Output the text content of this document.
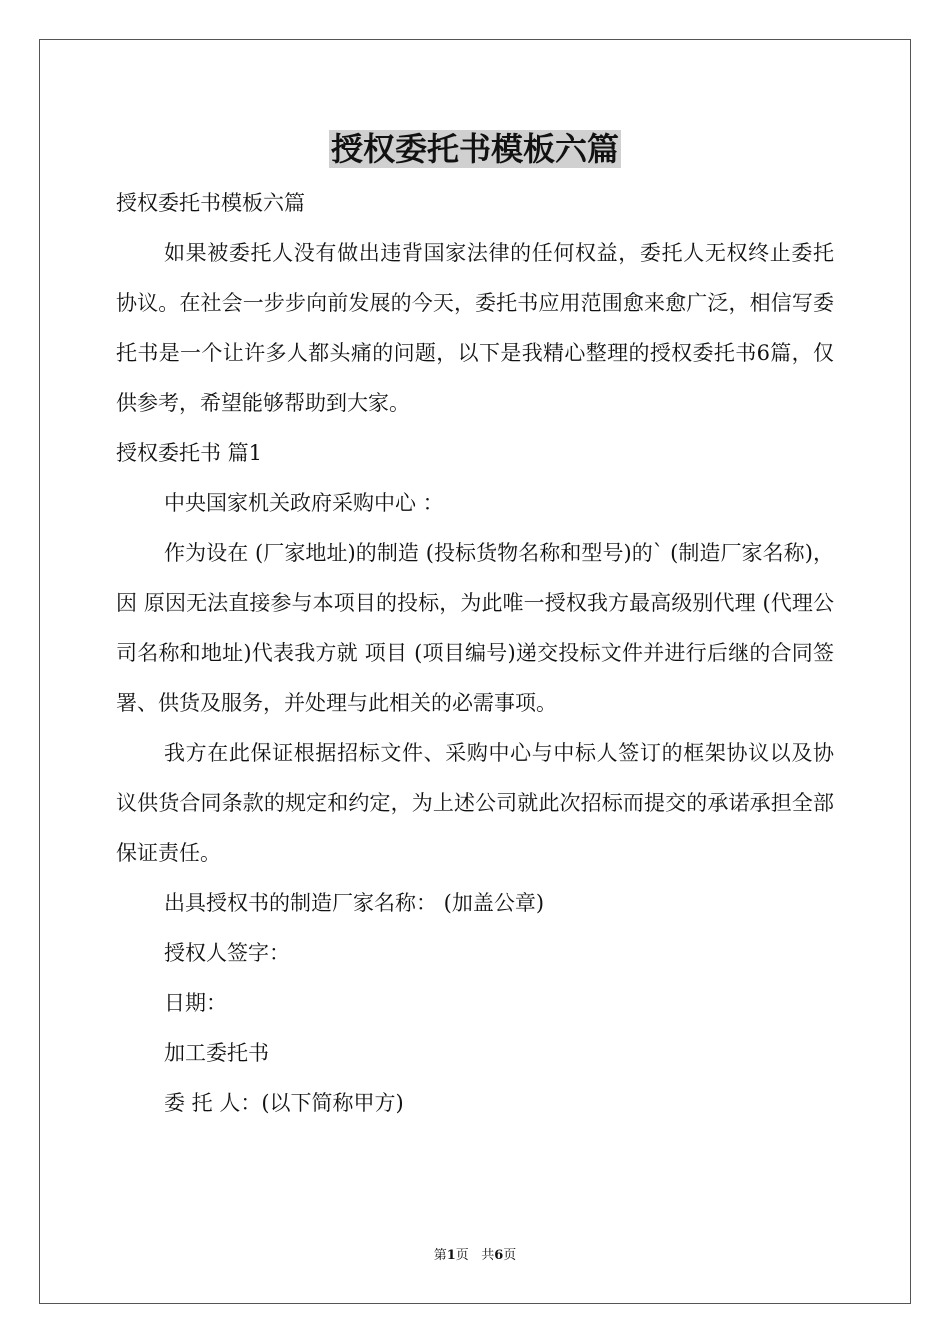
授权委托书模板六篇

授权委托书模板六篇

如果被委托人没有做出违背国家法律的任何权益，委托人无权终止委托协议。在社会一步步向前发展的今天，委托书应用范围愈来愈广泛，相信写委托书是一个让许多人都头痛的问题，以下是我精心整理的授权委托书6篇，仅供参考，希望能够帮助到大家。

授权委托书 篇1

中央国家机关政府采购中心 ：

作为设在 (厂家地址)的制造 (投标货物名称和型号)的` (制造厂家名称)，因 原因无法直接参与本项目的投标，为此唯一授权我方最高级别代理 (代理公司名称和地址)代表我方就 项目 (项目编号)递交投标文件并进行后继的合同签署、供货及服务，并处理与此相关的必需事项。

我方在此保证根据招标文件、采购中心与中标人签订的框架协议以及协议供货合同条款的规定和约定，为上述公司就此次招标而提交的承诺承担全部保证责任。

出具授权书的制造厂家名称： (加盖公章)

授权人签字：

日期：

加工委托书

委 托 人：(以下简称甲方)

第1页   共6页
